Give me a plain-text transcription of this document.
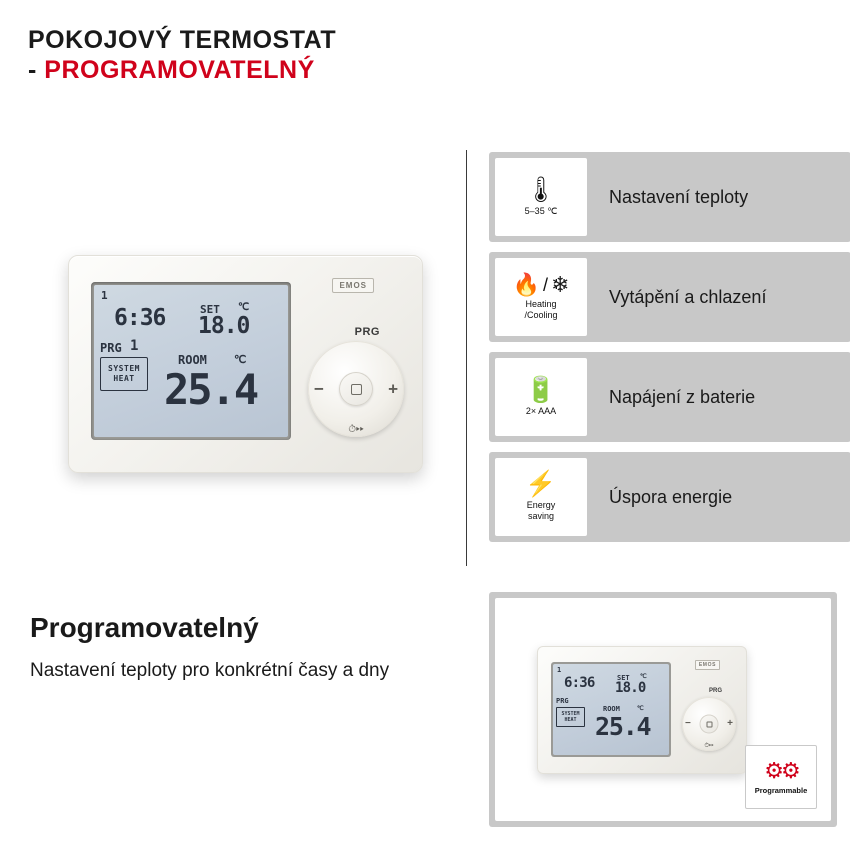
POKOJOVÝ TERMOSTAT
- PROGRAMOVATELNÝ
1
6:36	SET ℃
18.0
PRG 1
SYSTEM
HEAT
ROOM ℃
25.4
EMOS
PRG
−	+
⏱▸▸
🌡
5–35 ℃
Nastavení teploty
🔥 / ❄
Heating
/Cooling
Vytápění a chlazení
🔋
2× AAA
Napájení z baterie
⚡
Energy
saving
Úspora energie
Programovatelný
Nastavení teploty pro konkrétní časy a dny	1
6:36	SET ℃
18.0
PRG
SYSTEM
HEAT
ROOM	℃
25.4
EMOS
PRG
−	+
⏱▸▸
⚙⚙
Programmable
